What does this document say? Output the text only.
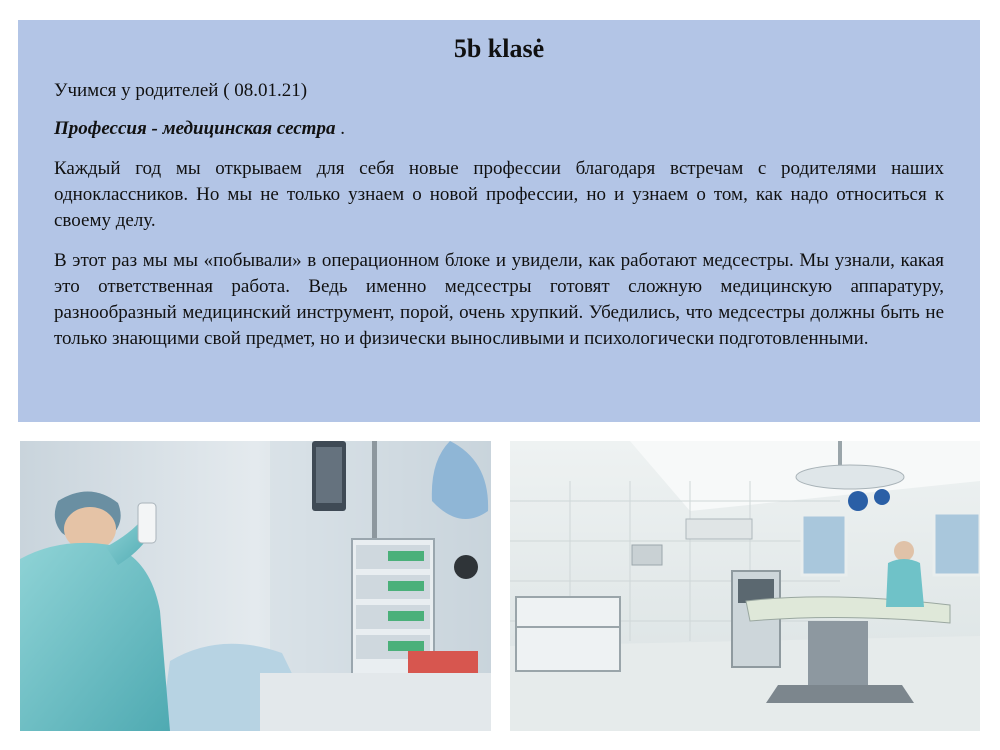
5b klasė

Учимся у родителей ( 08.01.21)

Профессия - медицинская сестра .

Каждый год мы открываем для себя новые профессии благодаря встречам с родителями наших одноклассников. Но мы не только узнаем о новой профессии, но и узнаем о том, как надо относиться к своему делу.

В этот раз мы мы «побывали» в операционном блоке и увидели, как работают медсестры. Мы узнали, какая это ответственная работа. Ведь именно медсестры готовят сложную медицинскую аппаратуру, разнообразный медицинский инструмент, порой, очень хрупкий. Убедились, что медсестры должны быть не только знающими свой предмет, но и физически выносливыми и психологически подготовленными.
